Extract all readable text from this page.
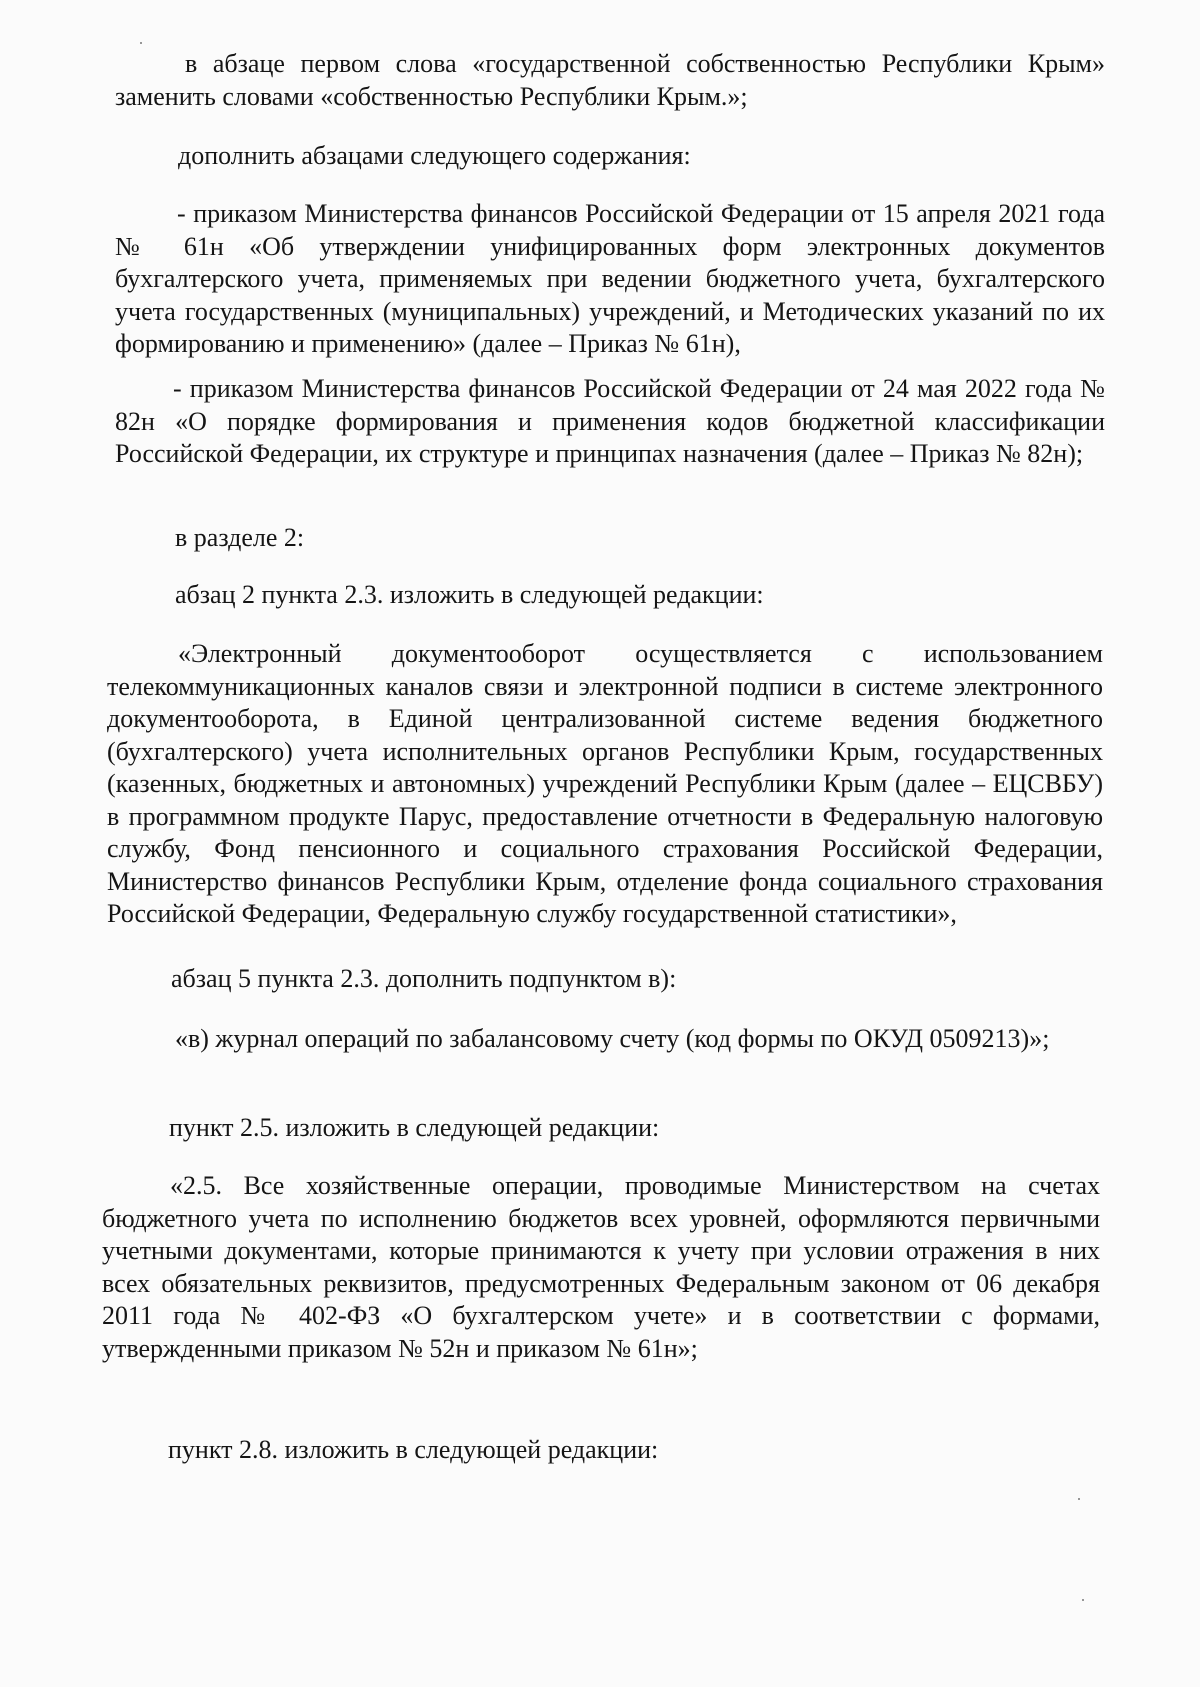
в абзаце первом слова «государственной собственностью Республики Крым» заменить словами «собственностью Республики Крым.»;

дополнить абзацами следующего содержания:

- приказом Министерства финансов Российской Федерации от 15 апреля 2021 года № 61н «Об утверждении унифицированных форм электронных документов бухгалтерского учета, применяемых при ведении бюджетного учета, бухгалтерского учета государственных (муниципальных) учреждений, и Методических указаний по их формированию и применению» (далее – Приказ № 61н),

- приказом Министерства финансов Российской Федерации от 24 мая 2022 года № 82н «О порядке формирования и применения кодов бюджетной классификации Российской Федерации, их структуре и принципах назначения (далее – Приказ № 82н);

в разделе 2:

абзац 2 пункта 2.3. изложить в следующей редакции:

«Электронный документооборот осуществляется с использованием телекоммуникационных каналов связи и электронной подписи в системе электронного документооборота, в Единой централизованной системе ведения бюджетного (бухгалтерского) учета исполнительных органов Республики Крым, государственных (казенных, бюджетных и автономных) учреждений Республики Крым (далее – ЕЦСВБУ) в программном продукте Парус, предоставление отчетности в Федеральную налоговую службу, Фонд пенсионного и социального страхования Российской Федерации, Министерство финансов Республики Крым, отделение фонда социального страхования Российской Федерации, Федеральную службу государственной статистики»,

абзац 5 пункта 2.3. дополнить подпунктом в):

«в) журнал операций по забалансовому счету (код формы по ОКУД 0509213)»;

пункт 2.5. изложить в следующей редакции:

«2.5. Все хозяйственные операции, проводимые Министерством на счетах бюджетного учета по исполнению бюджетов всех уровней, оформляются первичными учетными документами, которые принимаются к учету при условии отражения в них всех обязательных реквизитов, предусмотренных Федеральным законом от 06 декабря 2011 года № 402-ФЗ «О бухгалтерском учете» и в соответствии с формами, утвержденными приказом № 52н и приказом № 61н»;

пункт 2.8. изложить в следующей редакции:
